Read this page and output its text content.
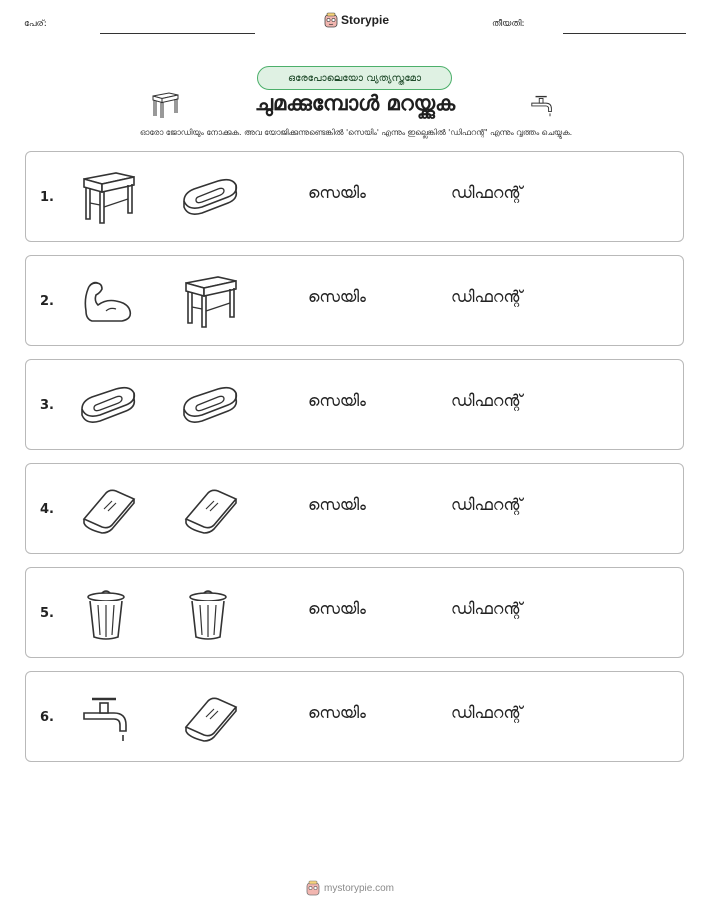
പേര്:	Storypie	തീയതി:
ഒരേപോലെയോ വ്യത്യസ്തമോ
ചുമക്കുമ്പോൾ മറയ്ക്കുക
ഓരോ ജോഡിയും നോക്കുക. അവ യോജിക്കുന്നുണ്ടെങ്കിൽ 'സെയിം' എന്നും ഇല്ലെങ്കിൽ 'ഡിഫറന്റ്' എന്നും വൃത്തം ചെയ്യുക.
1.	സെയിം	ഡിഫറന്റ്
2.	സെയിം	ഡിഫറന്റ്
3.	സെയിം	ഡിഫറന്റ്
4.	സെയിം	ഡിഫറന്റ്
5.	സെയിം	ഡിഫറന്റ്
6.	സെയിം	ഡിഫറന്റ്
mystorypie.com
